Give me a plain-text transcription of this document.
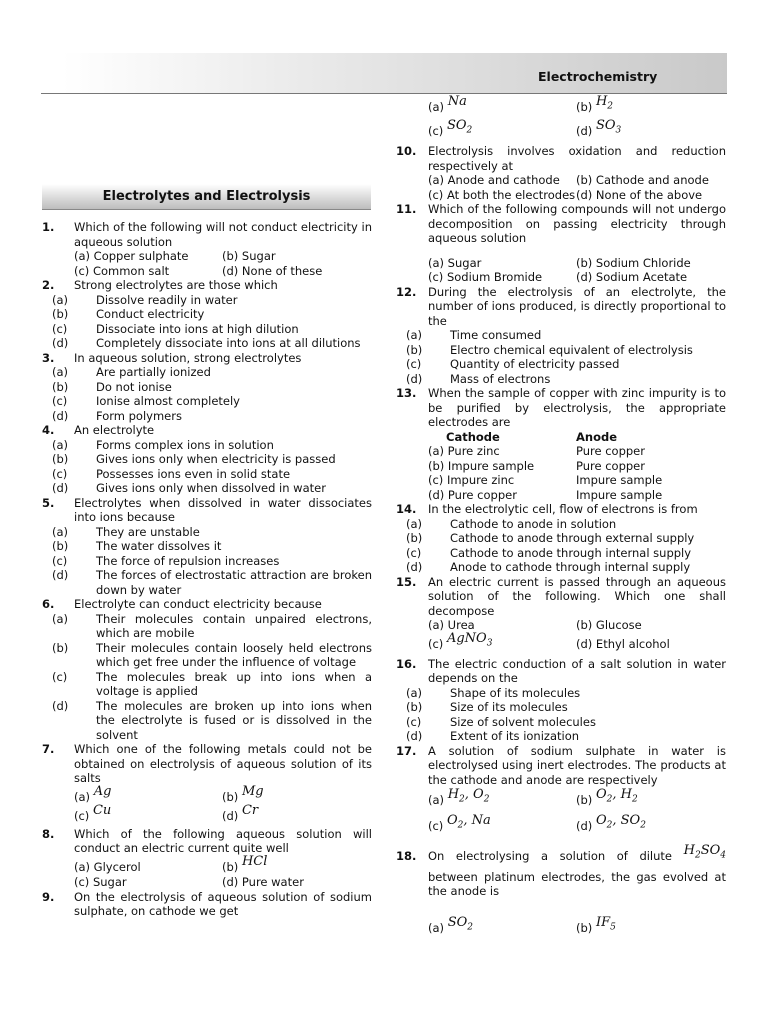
Electrochemistry
Electrolytes and Electrolysis
1. Which of the following will not conduct electricity in aqueous solution
(a) Copper sulphate	(b) Sugar
(c) Common salt	(d) None of these
2. Strong electrolytes are those which
(a) Dissolve readily in water
(b) Conduct electricity
(c) Dissociate into ions at high dilution
(d) Completely dissociate into ions at all dilutions
3. In aqueous solution, strong electrolytes
(a) Are partially ionized
(b) Do not ionise
(c) Ionise almost completely
(d) Form polymers
4. An electrolyte
(a) Forms complex ions in solution
(b) Gives ions only when electricity is passed
(c) Possesses ions even in solid state
(d) Gives ions only when dissolved in water
5. Electrolytes when dissolved in water dissociates into ions because
(a) They are unstable
(b) The water dissolves it
(c) The force of repulsion increases
(d) The forces of electrostatic attraction are broken down by water
6. Electrolyte can conduct electricity because
(a) Their molecules contain unpaired electrons, which are mobile
(b) Their molecules contain loosely held electrons which get free under the influence of voltage
(c) The molecules break up into ions when a voltage is applied
(d) The molecules are broken up into ions when the electrolyte is fused or is dissolved in the solvent
7. Which one of the following metals could not be obtained on electrolysis of aqueous solution of its salts
(a) Ag	(b) Mg
(c) Cu	(d) Cr
8. Which of the following aqueous solution will conduct an electric current quite well
(a) Glycerol	(b) HCl
(c) Sugar	(d) Pure water
9. On the electrolysis of aqueous solution of sodium sulphate, on cathode we get
(a) Na	(b) $H_2$
(c) $SO_2$	(d) $SO_3$
10. Electrolysis involves oxidation and reduction respectively at
(a) Anode and cathode	(b) Cathode and anode
(c) At both the electrodes (d) None of the above
11. Which of the following compounds will not undergo decomposition on passing electricity through aqueous solution
(a) Sugar	(b) Sodium Chloride
(c) Sodium Bromide	(d) Sodium Acetate
12. During the electrolysis of an electrolyte, the number of ions produced, is directly proportional to the
(a) Time consumed
(b) Electro chemical equivalent of electrolysis
(c) Quantity of electricity passed
(d) Mass of electrons
13. When the sample of copper with zinc impurity is to be purified by electrolysis, the appropriate electrodes are
Cathode	Anode
(a) Pure zinc	Pure copper
(b) Impure sample	Pure copper
(c) Impure zinc	Impure sample
(d) Pure copper	Impure sample
14. In the electrolytic cell, flow of electrons is from
(a) Cathode to anode in solution
(b) Cathode to anode through external supply
(c) Cathode to anode through internal supply
(d) Anode to cathode through internal supply
15. An electric current is passed through an aqueous solution of the following. Which one shall decompose
(a) Urea	(b) Glucose
(c) AgNO$_3$	(d) Ethyl alcohol
16. The electric conduction of a salt solution in water depends on the
(a) Shape of its molecules
(b) Size of its molecules
(c) Size of solvent molecules
(d) Extent of its ionization
17. A solution of sodium sulphate in water is electrolysed using inert electrodes. The products at the cathode and anode are respectively
(a) $H_2$, $O_2$	(b) $O_2$, $H_2$
(c) $O_2$, Na	(d) $O_2$, $SO_2$
18. On electrolysing a solution of dilute $H_2SO_4$ between platinum electrodes, the gas evolved at the anode is
(a) $SO_2$	(b) $IF_5$
